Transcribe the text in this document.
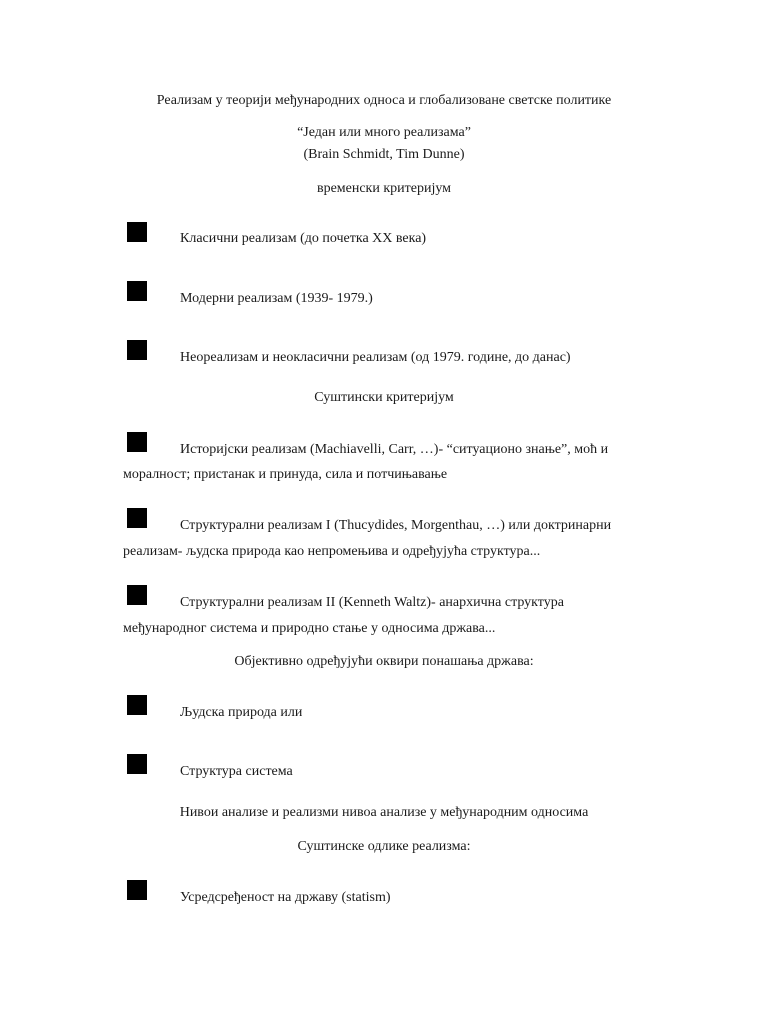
Реализам у теорији међународних односа и глобализоване светске политике
“Један или много реализама”
(Brain Schmidt, Tim Dunne)
временски критеријум
Класични реализам (до почетка XX века)
Модерни реализам (1939- 1979.)
Неореализам и неокласични реализам (од 1979. године, до данас)
Суштински критеријум
Историјски реализам (Machiavelli, Carr, …)- “ситуационо знање”, моћ и
моралност; пристанак и принуда, сила и потчињавање
Структурални реализам I (Thucydides, Morgenthau, …) или доктринарни
реализам- људска природа као непромењива и одређујућа структура...
Структурални реализам II (Kenneth Waltz)- анархична структура
међународног система и природно стање у односима држава...
Објективно одређујући оквири понашања држава:
Људска природа или
Структура система
Нивои анализе и реализми нивоа анализе у међународним односима
Суштинске одлике реализма:
Усредсређеност на државу (statism)
